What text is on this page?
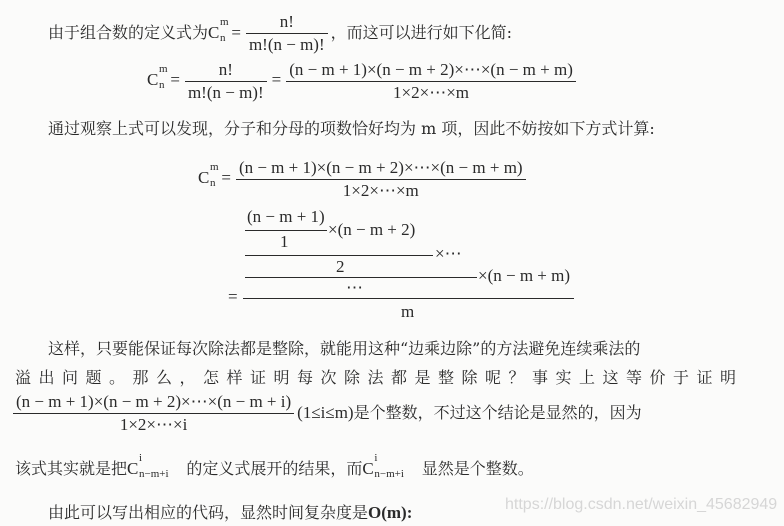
由于组合数的定义式为C
m
$n = \frac{n!}{m!(n - m)!}$ ，而这可以进行如下化简:
C
m
$n = \frac{n!}{m!(n - m)!} = \frac{(n - m + 1)\times(n - m + 2)\times\cdots\times(n - m + m)}{1\times 2\times\cdots\times m}$
通过观察上式可以发现，分子和分母的项数恰好均为 m 项，因此不妨按如下方式计算:
C
m
$n = \frac{(n - m + 1)\times(n - m + 2)\times\cdots\times(n - m + m)}{1\times 2\times\cdots\times m}$
(n − m + 1)
×(n − m + 2)
1
×⋯
2	×(n − m + m)
⋯
=
m
这样，只要能保证每次除法都是整除，就能用这种“边乘边除”的方法避免连续乘法的
溢出问题。那么，怎样证明每次除法都是整除呢？事实上这等价于证明
$\frac{(n - m + 1)\times(n - m + 2)\times\cdots\times(n - m + i)}{1\times 2\times\cdots\times i} (1\le i\le m)$是个整数，不过这个结论是显然的，因为
该式其实就是把C
i
n−m+i 的定义式展开的结果，而C
i
n−m+i 显然是个整数。
由此可以写出相应的代码，显然时间复杂度是O(m):	https://blog.csdn.net/weixin_45682949
